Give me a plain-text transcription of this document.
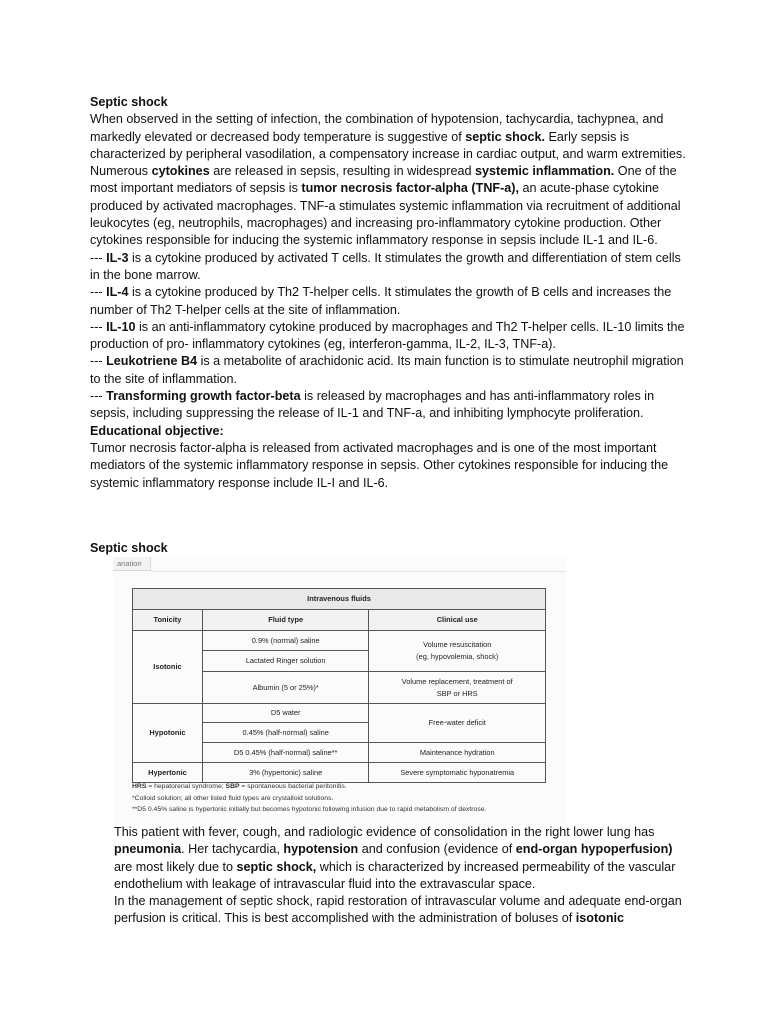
Septic shock

When observed in the setting of infection, the combination of hypotension, tachycardia, tachypnea, and markedly elevated or decreased body temperature is suggestive of septic shock. Early sepsis is characterized by peripheral vasodilation, a compensatory increase in cardiac output, and warm extremities. Numerous cytokines are released in sepsis, resulting in widespread systemic inflammation. One of the most important mediators of sepsis is tumor necrosis factor-alpha (TNF-a), an acute-phase cytokine produced by activated macrophages. TNF-a stimulates systemic inflammation via recruitment of additional leukocytes (eg, neutrophils, macrophages) and increasing pro-inflammatory cytokine production. Other cytokines responsible for inducing the systemic inflammatory response in sepsis include IL-1 and IL-6.

--- IL-3 is a cytokine produced by activated T cells. It stimulates the growth and differentiation of stem cells in the bone marrow.

--- IL-4 is a cytokine produced by Th2 T-helper cells. It stimulates the growth of B cells and increases the number of Th2 T-helper cells at the site of inflammation.

--- IL-10 is an anti-inflammatory cytokine produced by macrophages and Th2 T-helper cells. IL-10 limits the production of pro- inflammatory cytokines (eg, interferon-gamma, IL-2, IL-3, TNF-a).

--- Leukotriene B4 is a metabolite of arachidonic acid. Its main function is to stimulate neutrophil migration to the site of inflammation.

--- Transforming growth factor-beta is released by macrophages and has anti-inflammatory roles in sepsis, including suppressing the release of IL-1 and TNF-a, and inhibiting lymphocyte proliferation.

Educational objective:

Tumor necrosis factor-alpha is released from activated macrophages and is one of the most important mediators of the systemic inflammatory response in sepsis. Other cytokines responsible for inducing the systemic inflammatory response include IL-I and IL-6.

Septic shock
anation
Intravenous fluids		
Tonicity	Fluid type	Clinical use
Isotonic	0.9% (normal) saline	Volume resuscitation
(eg, hypovolemia, shock)

	Lactated Ringer solution	
	Albumin (5 or 25%)*	Volume replacement, treatment of
SBP or HRS

Hypotonic	D5 water	Free-water deficit
	0.45% (half-normal) saline	
	D5 0.45% (half-normal) saline**	Maintenance hydration
Hypertonic	3% (hypertonic) saline	Severe symptomatic hyponatremia
HRS = hepatorenal syndrome; SBP = spontaneous bacterial peritonitis.
*Colloid solution; all other listed fluid types are crystalloid solutions.
**D5 0.45% saline is hypertonic initially but becomes hypotonic following infusion due to rapid metabolism of dextrose.

This patient with fever, cough, and radiologic evidence of consolidation in the right lower lung has pneumonia. Her tachycardia, hypotension and confusion (evidence of end-organ hypoperfusion) are most likely due to septic shock, which is characterized by increased permeability of the vascular endothelium with leakage of intravascular fluid into the extravascular space.

In the management of septic shock, rapid restoration of intravascular volume and adequate end-organ perfusion is critical. This is best accomplished with the administration of boluses of isotonic
